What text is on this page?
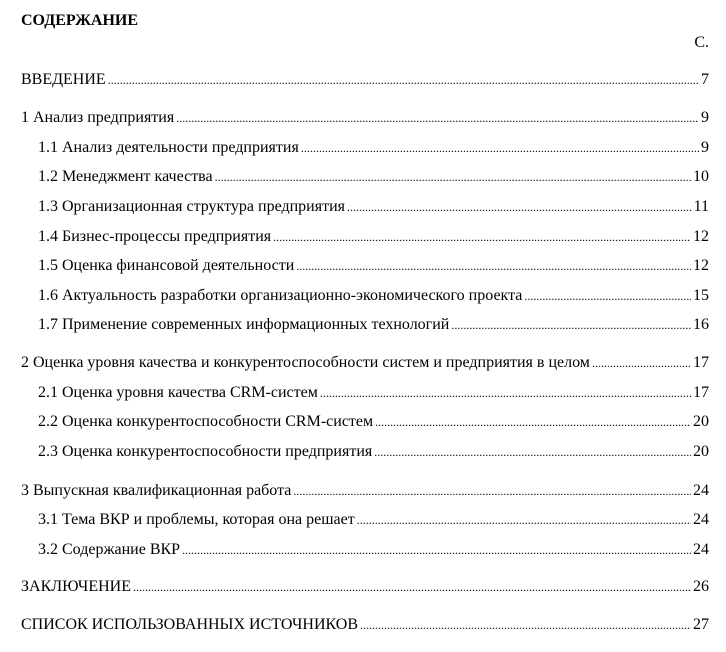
СОДЕРЖАНИЕ
С.
ВВЕДЕНИЕ .....	7
1 Анализ предприятия .....	9
1.1 Анализ деятельности предприятия .....	9
1.2 Менеджмент качества .....	10
1.3 Организационная структура предприятия .....	11
1.4 Бизнес-процессы предприятия .....	12
1.5 Оценка финансовой деятельности .....	12
1.6 Актуальность разработки организационно-экономического проекта .....	15
1.7 Применение современных информационных технологий .....	16
2 Оценка уровня качества и конкурентоспособности систем и предприятия в целом .....	17
2.1 Оценка уровня качества CRM-систем .....	17
2.2 Оценка конкурентоспособности CRM-систем .....	20
2.3 Оценка конкурентоспособности предприятия .....	20
3 Выпускная квалификационная работа .....	24
3.1 Тема ВКР и проблемы, которая она решает .....	24
3.2 Содержание ВКР .....	24
ЗАКЛЮЧЕНИЕ .....	26
СПИСОК ИСПОЛЬЗОВАННЫХ ИСТОЧНИКОВ .....	27
